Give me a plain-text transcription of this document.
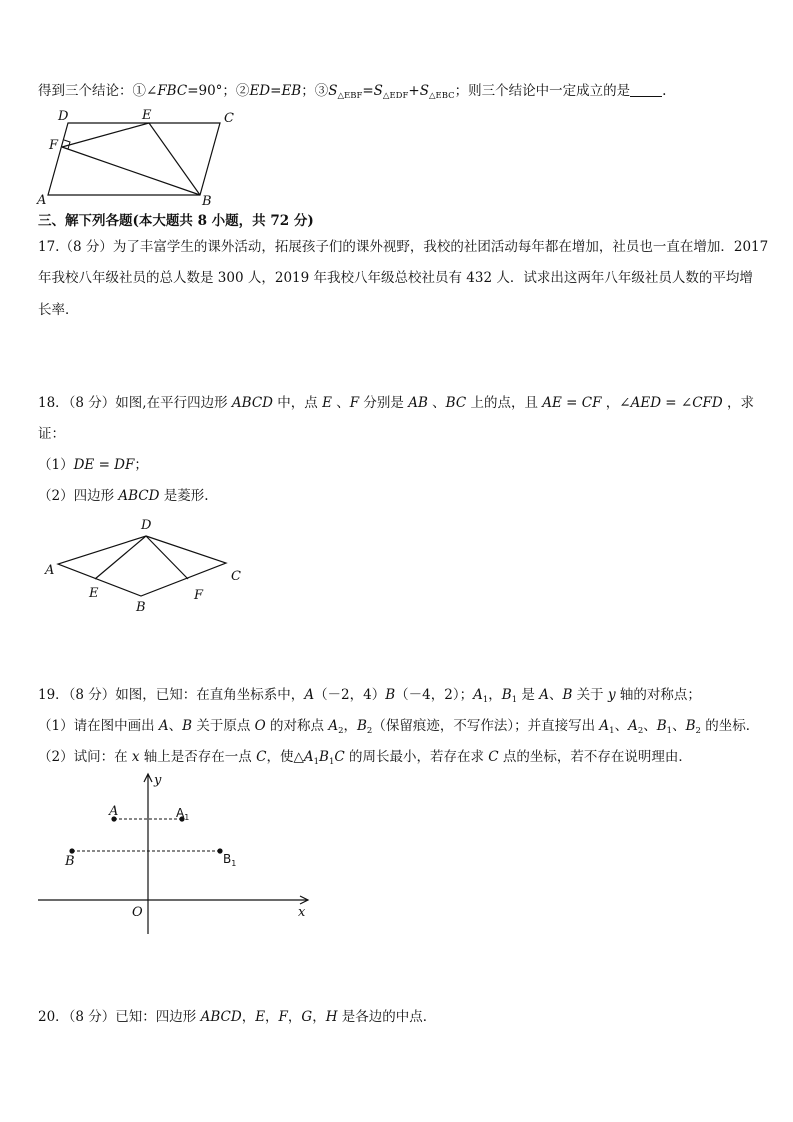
得到三个结论：①∠FBC=90°；②ED=EB；$③S_{\triangle EBF}=S_{\triangle EDF}+S_{\triangle EBC}$；则三个结论中一定成立的是 .
D	E	C
F
A	B
三、解下列各题(本大题共 8 小题，共 72 分)
17.（8 分）为了丰富学生的课外活动，拓展孩子们的课外视野，我校的社团活动每年都在增加，社员也一直在增加．2017
年我校八年级社员的总人数是 300 人，2019 年我校八年级总校社员有 432 人．试求出这两年八年级社员人数的平均增
长率．
18．（8 分）如图,在平行四边形 ABCD 中，点 E 、F 分别是 AB 、BC 上的点，且 AE = CF ，∠AED = ∠CFD ，求
证：
（1）DE = DF；
（2）四边形 ABCD 是菱形.
D
A	C
E	F
B
19．（8 分）如图，已知：在直角坐标系中，A（－2，4）B（－4，2）；$A_1$，$B_1$ 是 A、B 关于 y 轴的对称点；
（1）请在图中画出 A、B 关于原点 O 的对称点 $A_2$，$B_2$（保留痕迹，不写作法）；并直接写出 $A_1$、$A_2$、$B_1$、$B_2$ 的坐标．
（2）试问：在 x 轴上是否存在一点 C，使$\triangle A_1B_1C$ 的周长最小，若存在求 C 点的坐标，若不存在说明理由．
y
x
O
A
B
$A_1$
$B_1$
20．（8 分）已知：四边形 ABCD，E，F，G，H 是各边的中点．
